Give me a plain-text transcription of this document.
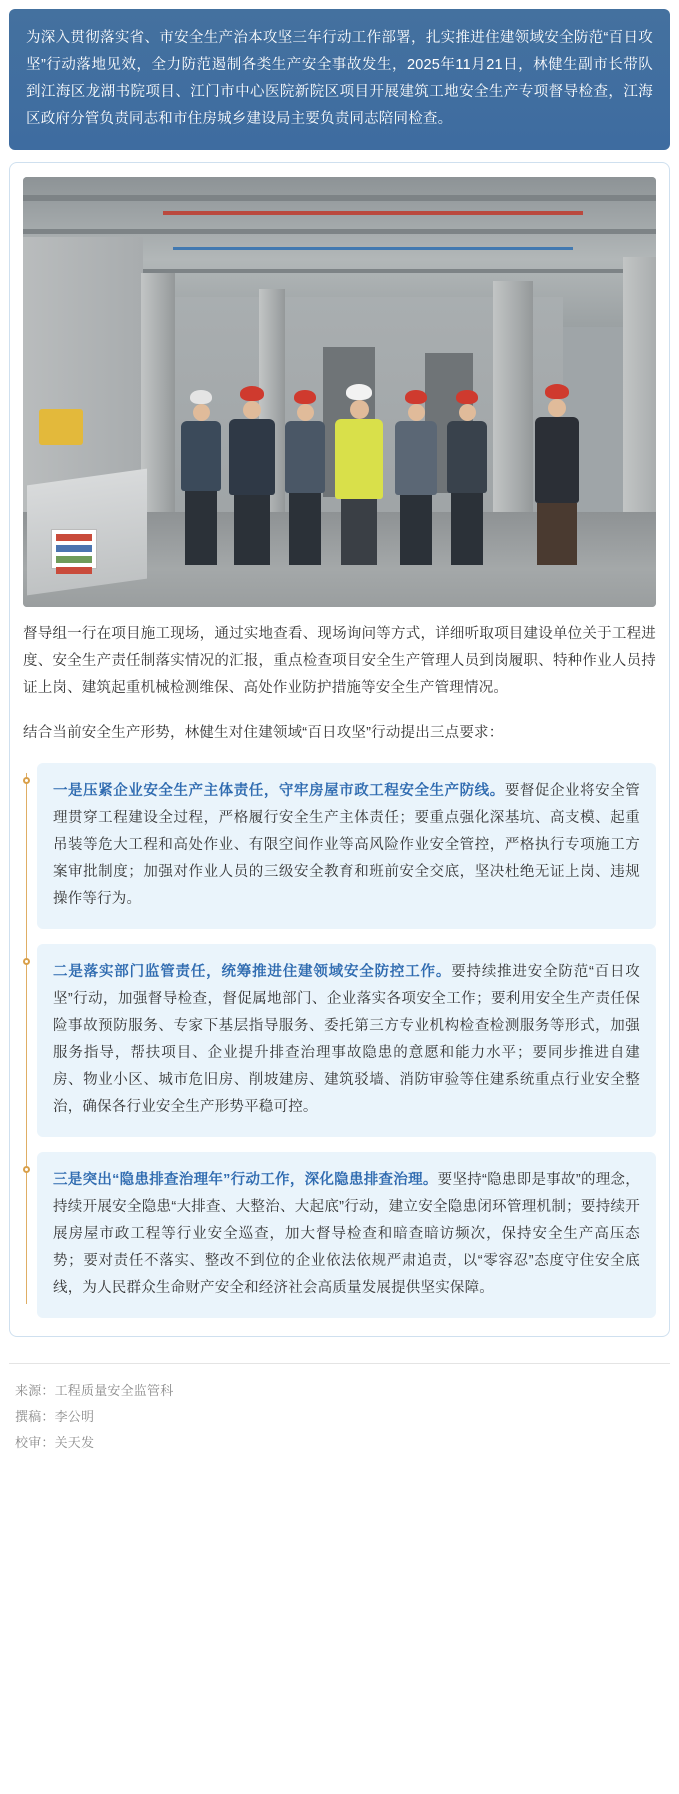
为深入贯彻落实省、市安全生产治本攻坚三年行动工作部署，扎实推进住建领域安全防范“百日攻坚”行动落地见效，全力防范遏制各类生产安全事故发生，2025年11月21日，林健生副市长带队到江海区龙湖书院项目、江门市中心医院新院区项目开展建筑工地安全生产专项督导检查，江海区政府分管负责同志和市住房城乡建设局主要负责同志陪同检查。

督导组一行在项目施工现场，通过实地查看、现场询问等方式，详细听取项目建设单位关于工程进度、安全生产责任制落实情况的汇报，重点检查项目安全生产管理人员到岗履职、特种作业人员持证上岗、建筑起重机械检测维保、高处作业防护措施等安全生产管理情况。

结合当前安全生产形势，林健生对住建领域“百日攻坚”行动提出三点要求：

一是压紧企业安全生产主体责任，守牢房屋市政工程安全生产防线。要督促企业将安全管理贯穿工程建设全过程，严格履行安全生产主体责任；要重点强化深基坑、高支模、起重吊装等危大工程和高处作业、有限空间作业等高风险作业安全管控，严格执行专项施工方案审批制度；加强对作业人员的三级安全教育和班前安全交底，坚决杜绝无证上岗、违规操作等行为。

二是落实部门监管责任，统筹推进住建领域安全防控工作。要持续推进安全防范“百日攻坚”行动，加强督导检查，督促属地部门、企业落实各项安全工作；要利用安全生产责任保险事故预防服务、专家下基层指导服务、委托第三方专业机构检查检测服务等形式，加强服务指导，帮扶项目、企业提升排查治理事故隐患的意愿和能力水平；要同步推进自建房、物业小区、城市危旧房、削坡建房、建筑驳墙、消防审验等住建系统重点行业安全整治，确保各行业安全生产形势平稳可控。

三是突出“隐患排查治理年”行动工作，深化隐患排查治理。要坚持“隐患即是事故”的理念，持续开展安全隐患“大排查、大整治、大起底”行动，建立安全隐患闭环管理机制；要持续开展房屋市政工程等行业安全巡查，加大督导检查和暗查暗访频次，保持安全生产高压态势；要对责任不落实、整改不到位的企业依法依规严肃追责，以“零容忍”态度守住安全底线，为人民群众生命财产安全和经济社会高质量发展提供坚实保障。

来源：工程质量安全监管科
撰稿：李公明
校审：关天发
